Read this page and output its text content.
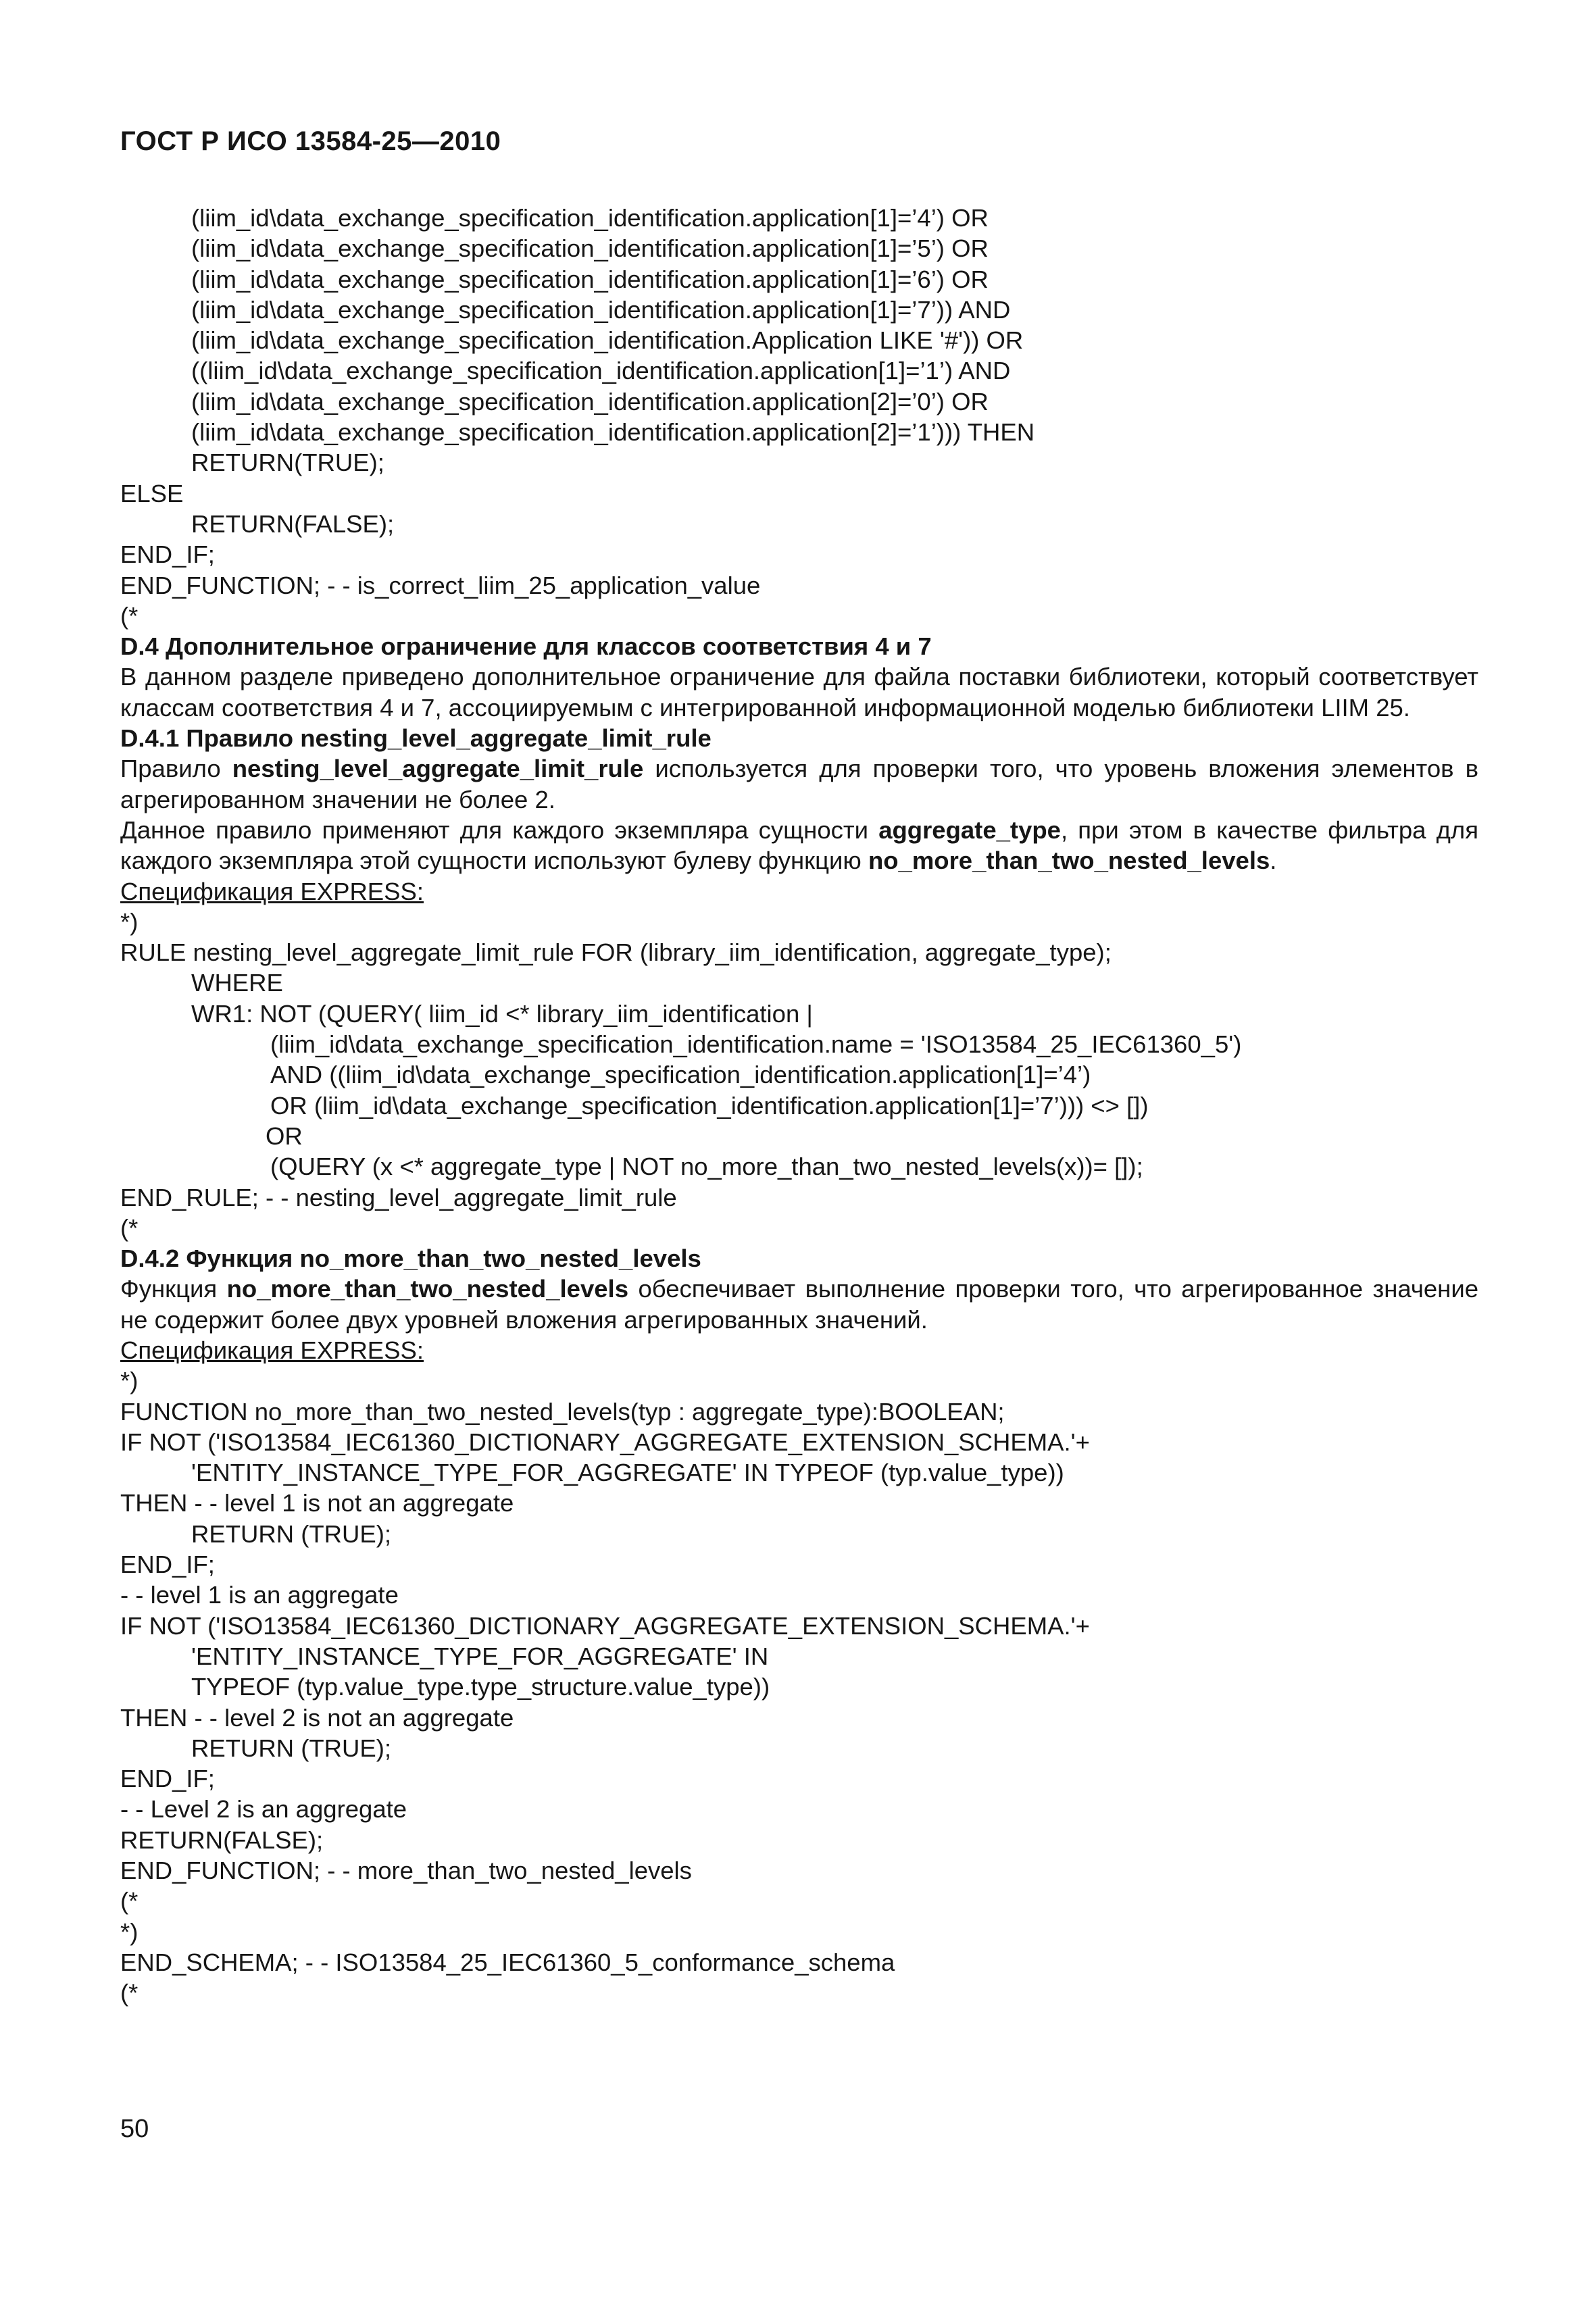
ГОСТ Р ИСО 13584-25—2010

(liim_id\data_exchange_specification_identification.application[1]=’4’) OR

(liim_id\data_exchange_specification_identification.application[1]=’5’) OR

(liim_id\data_exchange_specification_identification.application[1]=’6’) OR

(liim_id\data_exchange_specification_identification.application[1]=’7’)) AND

(liim_id\data_exchange_specification_identification.Application LIKE '#')) OR

((liim_id\data_exchange_specification_identification.application[1]=’1’) AND

(liim_id\data_exchange_specification_identification.application[2]=’0’) OR

(liim_id\data_exchange_specification_identification.application[2]=’1’))) THEN

RETURN(TRUE);

ELSE

RETURN(FALSE);

END_IF;

END_FUNCTION; - - is_correct_liim_25_application_value

(*

D.4 Дополнительное ограничение для классов соответствия 4 и 7

В данном разделе приведено дополнительное ограничение для файла поставки библиотеки, который соответствует классам соответствия 4 и 7, ассоциируемым с интегрированной информационной моделью библиотеки LIIM 25.

D.4.1 Правило nesting_level_aggregate_limit_rule

Правило nesting_level_aggregate_limit_rule используется для проверки того, что уровень вложения элементов в агрегированном значении не более 2.

Данное правило применяют для каждого экземпляра сущности aggregate_type, при этом в качестве фильтра для каждого экземпляра этой сущности используют булеву функцию no_more_than_two_nested_levels.

Спецификация EXPRESS:

*)

RULE nesting_level_aggregate_limit_rule FOR (library_iim_identification, aggregate_type);

WHERE

WR1: NOT (QUERY( liim_id <* library_iim_identification |

(liim_id\data_exchange_specification_identification.name = 'ISO13584_25_IEC61360_5')

AND ((liim_id\data_exchange_specification_identification.application[1]=’4’)

OR (liim_id\data_exchange_specification_identification.application[1]=’7’))) <> [])

OR

(QUERY (x <* aggregate_type | NOT no_more_than_two_nested_levels(x))= []);

END_RULE; - - nesting_level_aggregate_limit_rule

(*

D.4.2 Функция no_more_than_two_nested_levels

Функция no_more_than_two_nested_levels обеспечивает выполнение проверки того, что агрегированное значение не содержит более двух уровней вложения агрегированных значений.

Спецификация EXPRESS:

*)

FUNCTION no_more_than_two_nested_levels(typ : aggregate_type):BOOLEAN;

IF NOT ('ISO13584_IEC61360_DICTIONARY_AGGREGATE_EXTENSION_SCHEMA.'+

'ENTITY_INSTANCE_TYPE_FOR_AGGREGATE' IN TYPEOF (typ.value_type))

THEN - - level 1 is not an aggregate

RETURN (TRUE);

END_IF;

- - level 1 is an aggregate

IF NOT ('ISO13584_IEC61360_DICTIONARY_AGGREGATE_EXTENSION_SCHEMA.'+

'ENTITY_INSTANCE_TYPE_FOR_AGGREGATE' IN

TYPEOF (typ.value_type.type_structure.value_type))

THEN - - level 2 is not an aggregate

RETURN (TRUE);

END_IF;

- - Level 2 is an aggregate

RETURN(FALSE);

END_FUNCTION; - - more_than_two_nested_levels

(*

*)

END_SCHEMA; - - ISO13584_25_IEC61360_5_conformance_schema

(*

50
